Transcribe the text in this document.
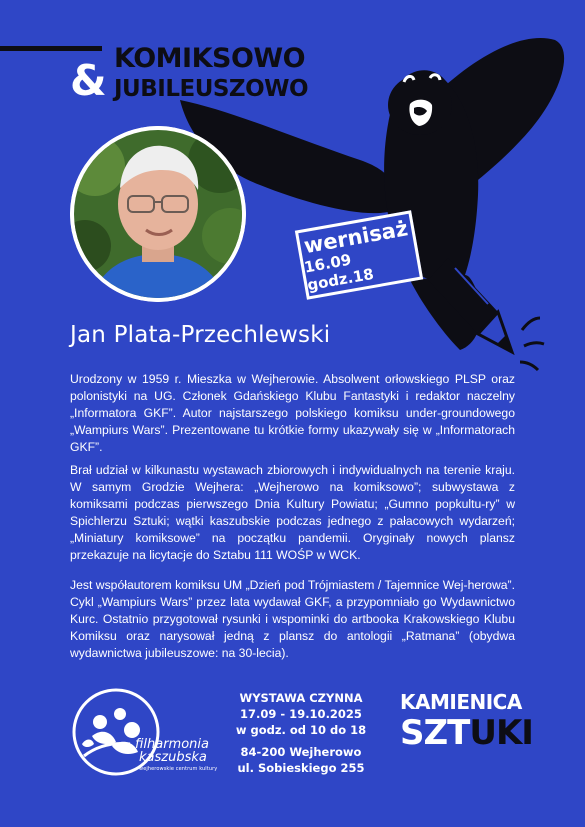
& KOMIKSOWO
JUBILEUSZOWO
wernisaż
16.09 godz.18
Jan Plata-Przechlewski

Urodzony w 1959 r. Mieszka w Wejherowie. Absolwent orłowskiego PLSP oraz polonistyki na UG. Członek Gdańskiego Klubu Fantastyki i redaktor naczelny „Informatora GKF”. Autor najstarszego polskiego komiksu under-groundowego „Wampiurs Wars”. Prezentowane tu krótkie formy ukazywały się w „Informatorach GKF”.

Brał udział w kilkunastu wystawach zbiorowych i indywidualnych na terenie kraju. W samym Grodzie Wejhera: „Wejherowo na komiksowo”; subwystawa z komiksami podczas pierwszego Dnia Kultury Powiatu; „Gumno popkultu-ry” w Spichlerzu Sztuki; wątki kaszubskie podczas jednego z pałacowych wydarzeń; „Miniatury komiksowe” na początku pandemii. Oryginały nowych plansz przekazuje na licytacje do Sztabu 111 WOŚP w WCK.

Jest współautorem komiksu UM „Dzień pod Trójmiastem / Tajemnice Wej-herowa”. Cykl „Wampiurs Wars” przez lata wydawał GKF, a przypomniało go Wydawnictwo Kurc. Ostatnio przygotował rysunki i wspominki do artbooka Krakowskiego Klubu Komiksu oraz narysował jedną z plansz do antologii „Ratmana” (obydwa wydawnictwa jubileuszowe: na 30-lecia).

filharmonia
kaszubska
wejherowskie centrum kultury
WYSTAWA CZYNNA
17.09 - 19.10.2025
w godz. od 10 do 18
84-200 Wejherowo
ul. Sobieskiego 255
KAMIENICA
SZTUKI
